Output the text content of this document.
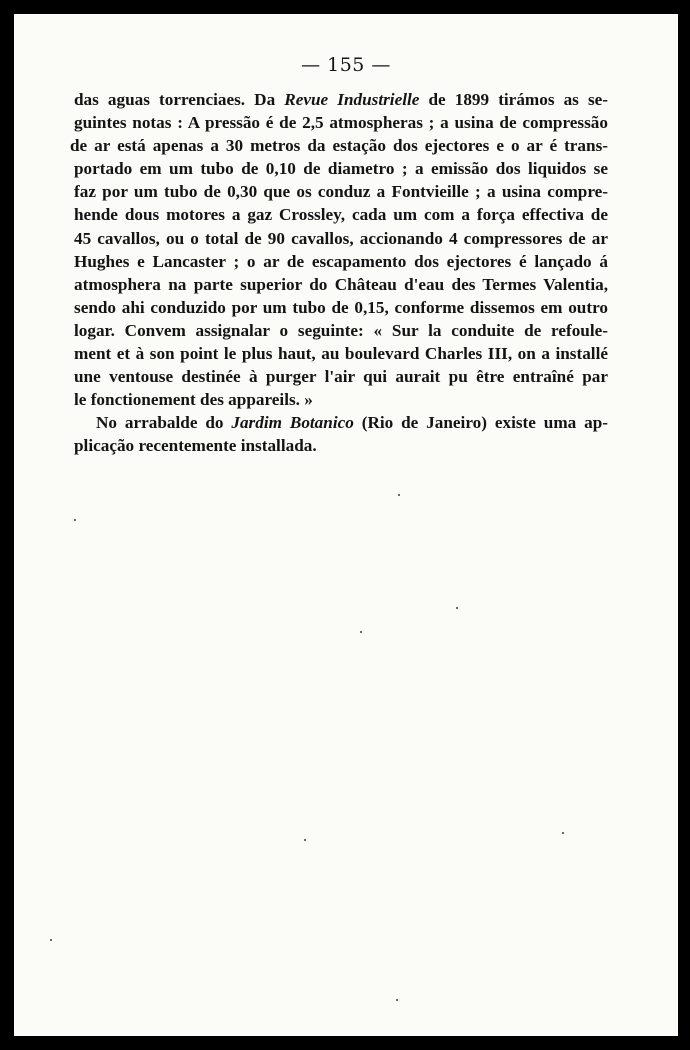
— 155 —
das aguas torrenciaes. Da Revue Industrielle de 1899 tirámos as se-
guintes notas : A pressão é de 2,5 atmospheras ; a usina de compressão
de ar está apenas a 30 metros da estação dos ejectores e o ar é trans-
portado em um tubo de 0,10 de diametro ; a emissão dos liquidos se
faz por um tubo de 0,30 que os conduz a Fontvieille ; a usina compre-
hende dous motores a gaz Crossley, cada um com a força effectiva de
45 cavallos, ou o total de 90 cavallos, accionando 4 compressores de ar
Hughes e Lancaster ; o ar de escapamento dos ejectores é lançado á
atmosphera na parte superior do Château d'eau des Termes Valentia,
sendo ahi conduzido por um tubo de 0,15, conforme dissemos em outro
logar. Convem assignalar o seguinte: « Sur la conduite de refoule-
ment et à son point le plus haut, au boulevard Charles III, on a installé
une ventouse destinée à purger l'air qui aurait pu être entraîné par
le fonctionement des appareils. »
No arrabalde do Jardim Botanico (Rio de Janeiro) existe uma ap-
plicação recentemente installada.
